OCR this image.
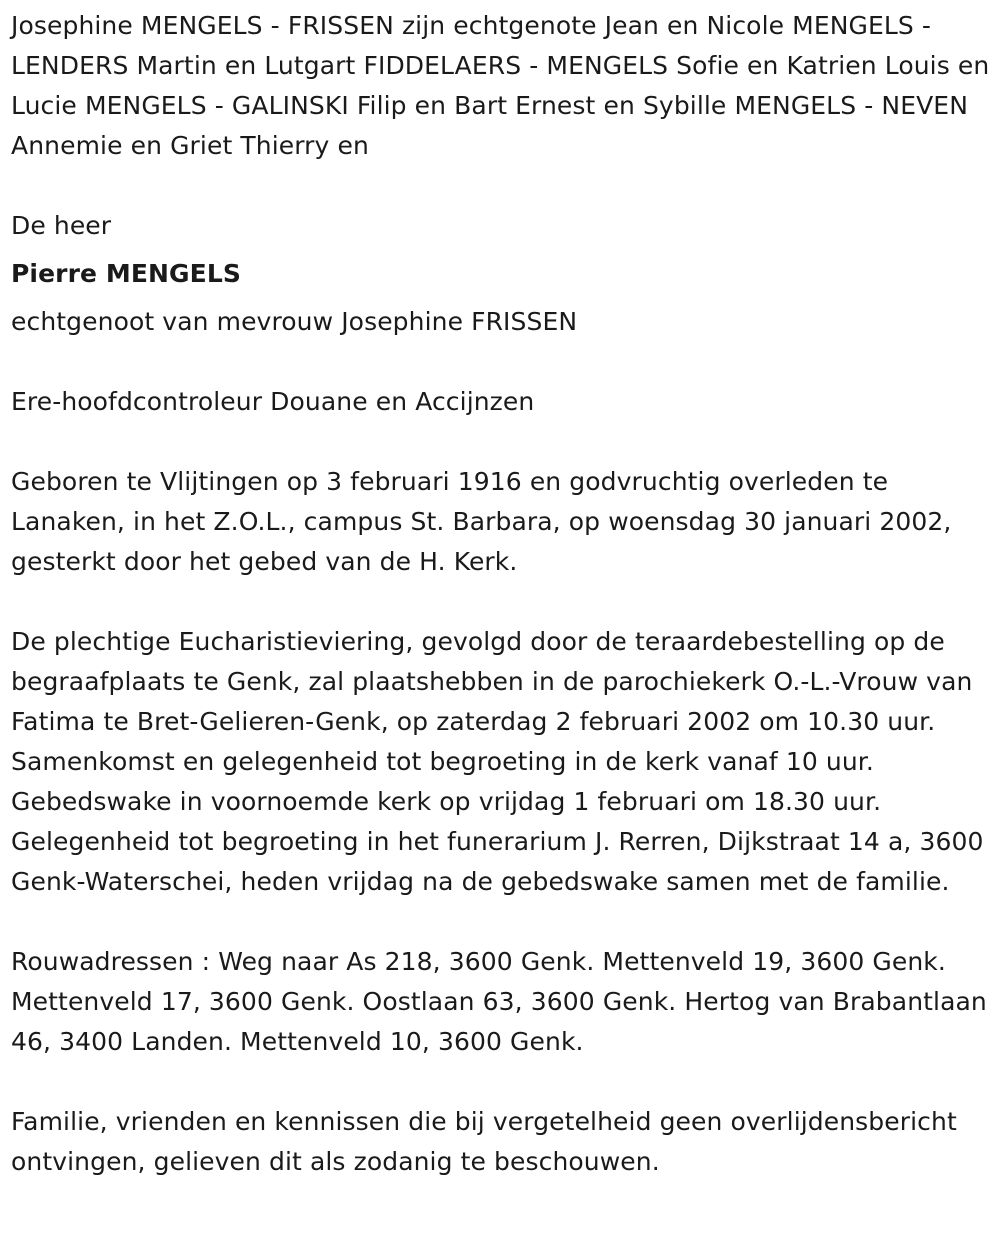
Josephine MENGELS - FRISSEN zijn echtgenote Jean en Nicole MENGELS - LENDERS Martin en Lutgart FIDDELAERS - MENGELS Sofie en Katrien Louis en Lucie MENGELS - GALINSKI Filip en Bart Ernest en Sybille MENGELS - NEVEN Annemie en Griet Thierry en

De heer

Pierre MENGELS

echtgenoot van mevrouw Josephine FRISSEN

Ere-hoofdcontroleur Douane en Accijnzen

Geboren te Vlijtingen op 3 februari 1916 en godvruchtig overleden te Lanaken, in het Z.O.L., campus St. Barbara, op woensdag 30 januari 2002, gesterkt door het gebed van de H. Kerk.

De plechtige Eucharistieviering, gevolgd door de teraardebestelling op de begraafplaats te Genk, zal plaatshebben in de parochiekerk O.-L.-Vrouw van Fatima te Bret-Gelieren-Genk, op zaterdag 2 februari 2002 om 10.30 uur. Samenkomst en gelegenheid tot begroeting in de kerk vanaf 10 uur. Gebedswake in voornoemde kerk op vrijdag 1 februari om 18.30 uur. Gelegenheid tot begroeting in het funerarium J. Rerren, Dijkstraat 14 a, 3600 Genk-Waterschei, heden vrijdag na de gebedswake samen met de familie.

Rouwadressen : Weg naar As 218, 3600 Genk. Mettenveld 19, 3600 Genk. Mettenveld 17, 3600 Genk. Oostlaan 63, 3600 Genk. Hertog van Brabantlaan 46, 3400 Landen. Mettenveld 10, 3600 Genk.

Familie, vrienden en kennissen die bij vergetelheid geen overlijdensbericht ontvingen, gelieven dit als zodanig te beschouwen.
